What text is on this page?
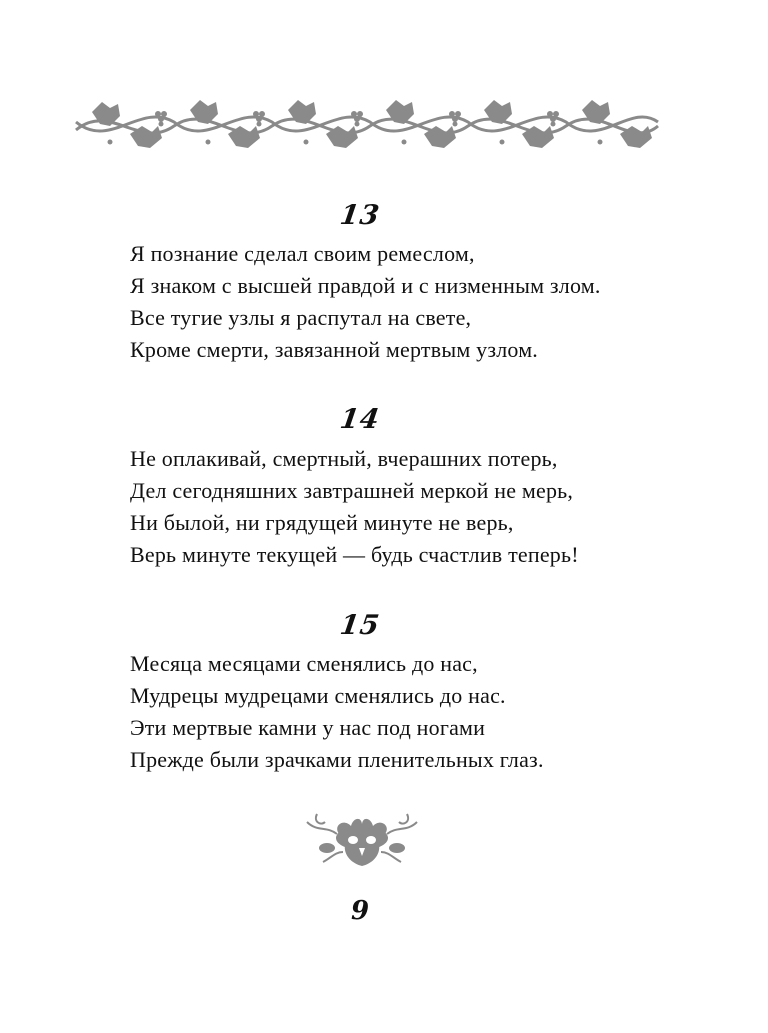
13
Я познание сделал своим ремеслом,
Я знаком с высшей правдой и с низменным злом.
Все тугие узлы я распутал на свете,
Кроме смерти, завязанной мертвым узлом.
14
Не оплакивай, смертный, вчерашних потерь,
Дел сегодняшних завтрашней меркой не мерь,
Ни былой, ни грядущей минуте не верь,
Верь минуте текущей — будь счастлив теперь!
15
Месяца месяцами сменялись до нас,
Мудрецы мудрецами сменялись до нас.
Эти мертвые камни у нас под ногами
Прежде были зрачками пленительных глаз.
9
